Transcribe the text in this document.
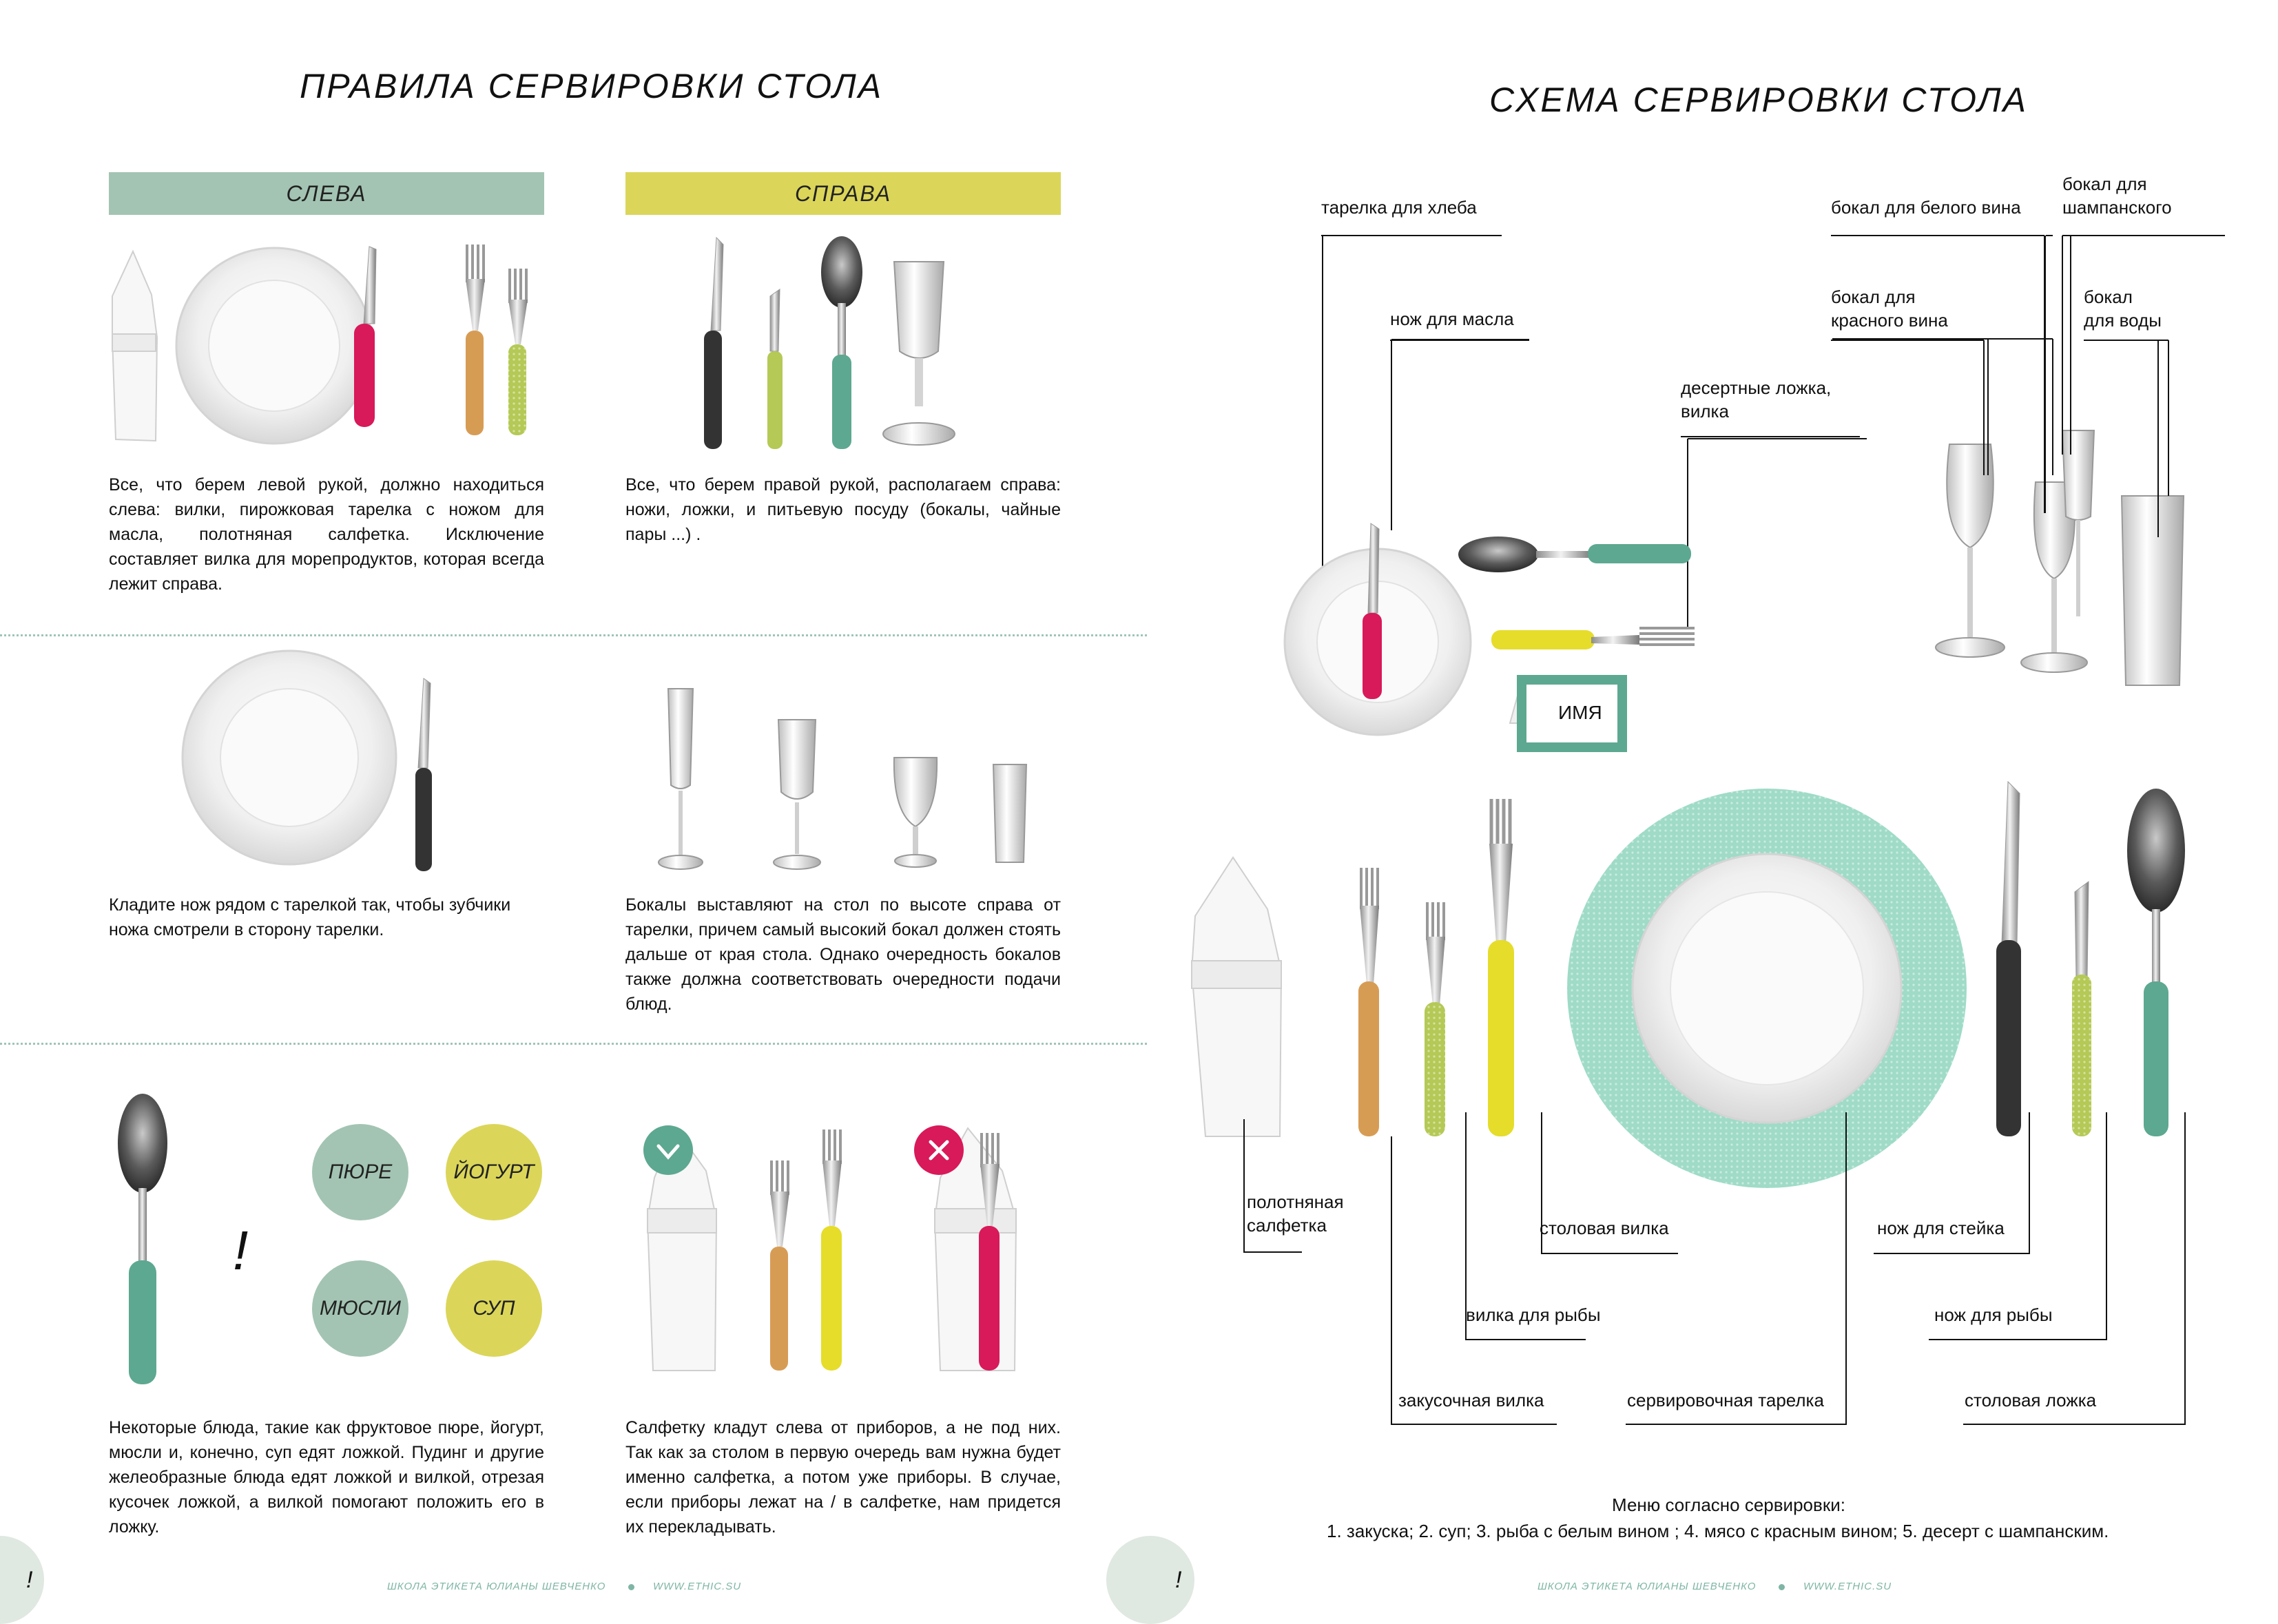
ПРАВИЛА СЕРВИРОВКИ СТОЛА
СЛЕВА	СПРАВА
Все, что берем левой рукой, должно находиться слева: вилки, пирожковая тарелка с ножом для масла, полотняная салфетка. Исключение составляет вилка для морепродуктов, которая всегда лежит справа.
Все, что берем правой рукой, располагаем справа: ножи, ложки, и питьевую посуду (бокалы, чайные пары ...) .
Кладите нож рядом с тарелкой так, чтобы зубчики ножа смотрели в сторону тарелки.
Бокалы выставляют на стол по высоте справа от тарелки, причем самый высокий бокал должен стоять дальше от края стола. Однако очередность бокалов также должна соответствовать очередности подачи блюд.
!
ПЮРЕ	ЙОГУРТ
МЮСЛИ	СУП
Некоторые блюда, такие как фруктовое пюре, йогурт, мюсли и, конечно, суп едят ложкой. Пудинг и другие желеобразные блюда едят ложкой и вилкой, отрезая кусочек ложкой, а вилкой помогают положить его в ложку.
Салфетку кладут слева от приборов, а не под них. Так как за столом в первую очередь вам нужна будет именно салфетка, а потом уже приборы. В случае, если приборы лежат на / в салфетке, нам придется их перекладывать.
!	ШКОЛА ЭТИКЕТА ЮЛИАНЫ ШЕВЧЕНКО	WWW.ETHIC.SU
СХЕМА СЕРВИРОВКИ СТОЛА
тарелка для хлеба
нож для масла
десертные ложка,
вилка
бокал для белого вина
бокал для
шампанского
бокал для
красного вина
бокал
для воды
ИМЯ
полотняная
салфетка	столовая вилка
вилка для рыбы
закусочная вилка	сервировочная тарелка
нож для стейка
нож для рыбы
столовая ложка
Меню согласно сервировки:
1. закуска; 2. суп; 3. рыба с белым вином ; 4. мясо с красным вином; 5. десерт с шампанским.
!	ШКОЛА ЭТИКЕТА ЮЛИАНЫ ШЕВЧЕНКО	WWW.ETHIC.SU
